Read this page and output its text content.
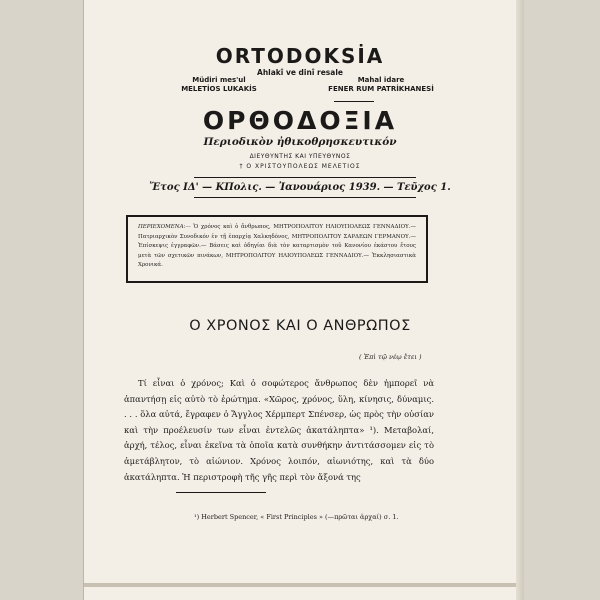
ORTODOKSİA
Ahlakî ve dinî resale
Müdiri mes'ul
MELETİOS LUKAKİS
Mahal idare
FENER RUM PATRİKHANESİ
ΟΡΘΟΔΟΞΙΑ
Περιοδικὸν ἠθικοθρησκευτικόν
ΔΙΕΥΘΥΝΤΗΣ ΚΑΙ ΥΠΕΥΘΥΝΟΣ
† Ο ΧΡΙΣΤΟΥΠΟΛΕΩΣ ΜΕΛΕΤΙΟΣ
Ἔτος ΙΔ' — ΚΠολις. — Ἰανουάριος 1939. — Τεῦχος 1.
ΠΕΡΙΕΧΟΜΕΝΑ:— Ὁ χρόνος καὶ ὁ ἄνθρωπος, ΜΗΤΡΟΠΟΛΙΤΟΥ ΗΛΙΟΥΠΟΛΕΩΣ ΓΕΝΝΑΔΙΟΥ.— Πατριαρχικὸν Συνοδικόν ἐν τῇ ἐπαρχίᾳ Χαλκηδόνος, ΜΗΤΡΟΠΟΛΙΤΟΥ ΣΑΡΔΕΩΝ ΓΕΡΜΑΝΟΥ.— Ἐπίσκεψις ἐγγραφῶν.— Βάσεις καὶ ὁδηγίαι διὰ τὸν καταρτισμὸν τοῦ Κανονίου ἑκάστου ἔτους μετὰ τῶν σχετικῶν πινάκων, ΜΗΤΡΟΠΟΛΙΤΟΥ ΗΛΙΟΥΠΟΛΕΩΣ ΓΕΝΝΑΔΙΟΥ.— Ἐκκλησιαστικὰ Χρονικά.
Ο ΧΡΟΝΟΣ ΚΑΙ Ο ΑΝΘΡΩΠΟΣ
( Ἐπὶ τῷ νέῳ ἔτει )
Τί εἶναι ὁ χρόνος; Καὶ ὁ σοφώτερος ἄνθρωπος δὲν ἠμπορεῖ νὰ ἀπαντήσῃ εἰς αὐτὸ τὸ ἐρώτημα. «Χῶρος, χρόνος, ὕλη, κίνησις, δύναμις. . . . ὅλα αὐτά, ἔγραφεν ὁ Ἄγγλος Χέρμπερτ Σπένσερ, ὡς πρὸς τὴν οὐσίαν καὶ τὴν προέλευσίν των εἶναι ἐντελῶς ἀκατάληπτα» ¹). Μεταβολαί, ἀρχή, τέλος, εἶναι ἐκεῖνα τὰ ὁποῖα κατὰ συνθήκην ἀντιτάσσομεν εἰς τὸ ἀμετάβλητον, τὸ αἰώνιον. Χρόνος λοιπόν, αἰωνιότης, καὶ τὰ δύο ἀκατάληπτα. Ἡ περιστροφὴ τῆς γῆς περὶ τὸν ἄξονά της
¹) Herbert Spencer, « First Principles » (—πρῶται ἀρχαί) σ. 1.
